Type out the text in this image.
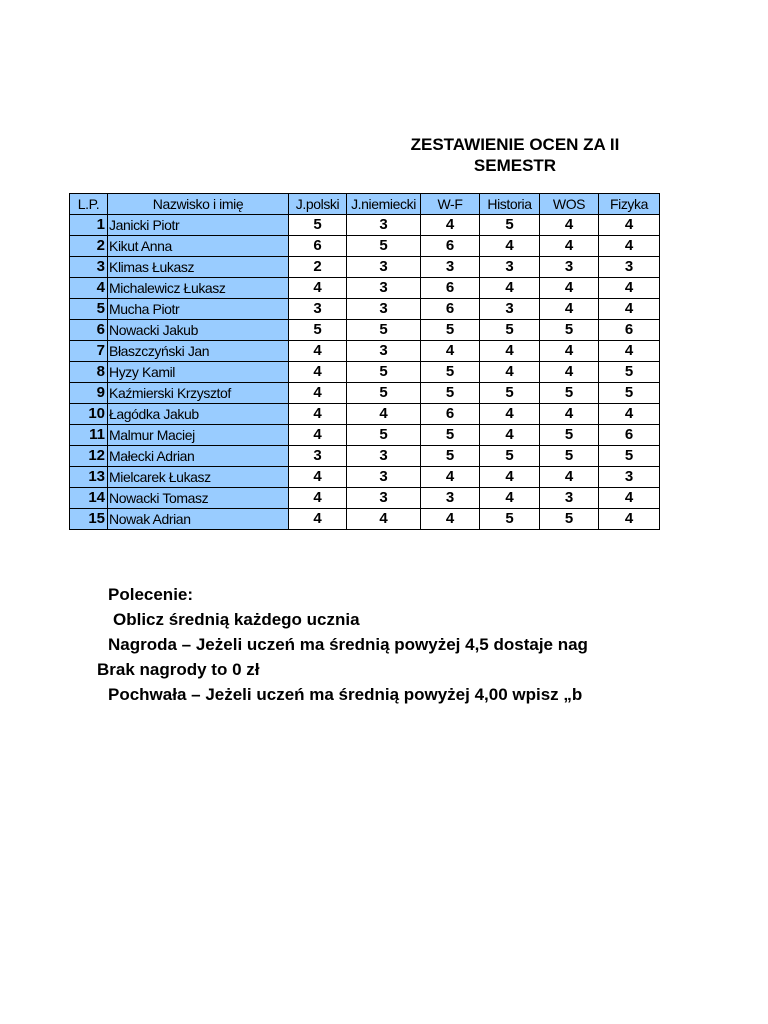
ZESTAWIENIE OCEN ZA II
SEMESTR
L.P.	Nazwisko i imię	J.polski	J.niemiecki	W-F	Historia	WOS	Fizyka
1	Janicki Piotr	5	3	4	5	4	4
2	Kikut Anna	6	5	6	4	4	4
3	Klimas Łukasz	2	3	3	3	3	3
4	Michalewicz Łukasz	4	3	6	4	4	4
5	Mucha Piotr	3	3	6	3	4	4
6	Nowacki Jakub	5	5	5	5	5	6
7	Błaszczyński Jan	4	3	4	4	4	4
8	Hyzy Kamil	4	5	5	4	4	5
9	Kaźmierski Krzysztof	4	5	5	5	5	5
10	Łagódka Jakub	4	4	6	4	4	4
11	Malmur Maciej	4	5	5	4	5	6
12	Małecki Adrian	3	3	5	5	5	5
13	Mielcarek Łukasz	4	3	4	4	4	3
14	Nowacki Tomasz	4	3	3	4	3	4
15	Nowak Adrian	4	4	4	5	5	4
Polecenie:
Oblicz średnią każdego ucznia
Nagroda – Jeżeli uczeń ma średnią powyżej 4,5 dostaje nag
Brak nagrody to 0 zł
Pochwała – Jeżeli uczeń ma średnią powyżej 4,00 wpisz „b
